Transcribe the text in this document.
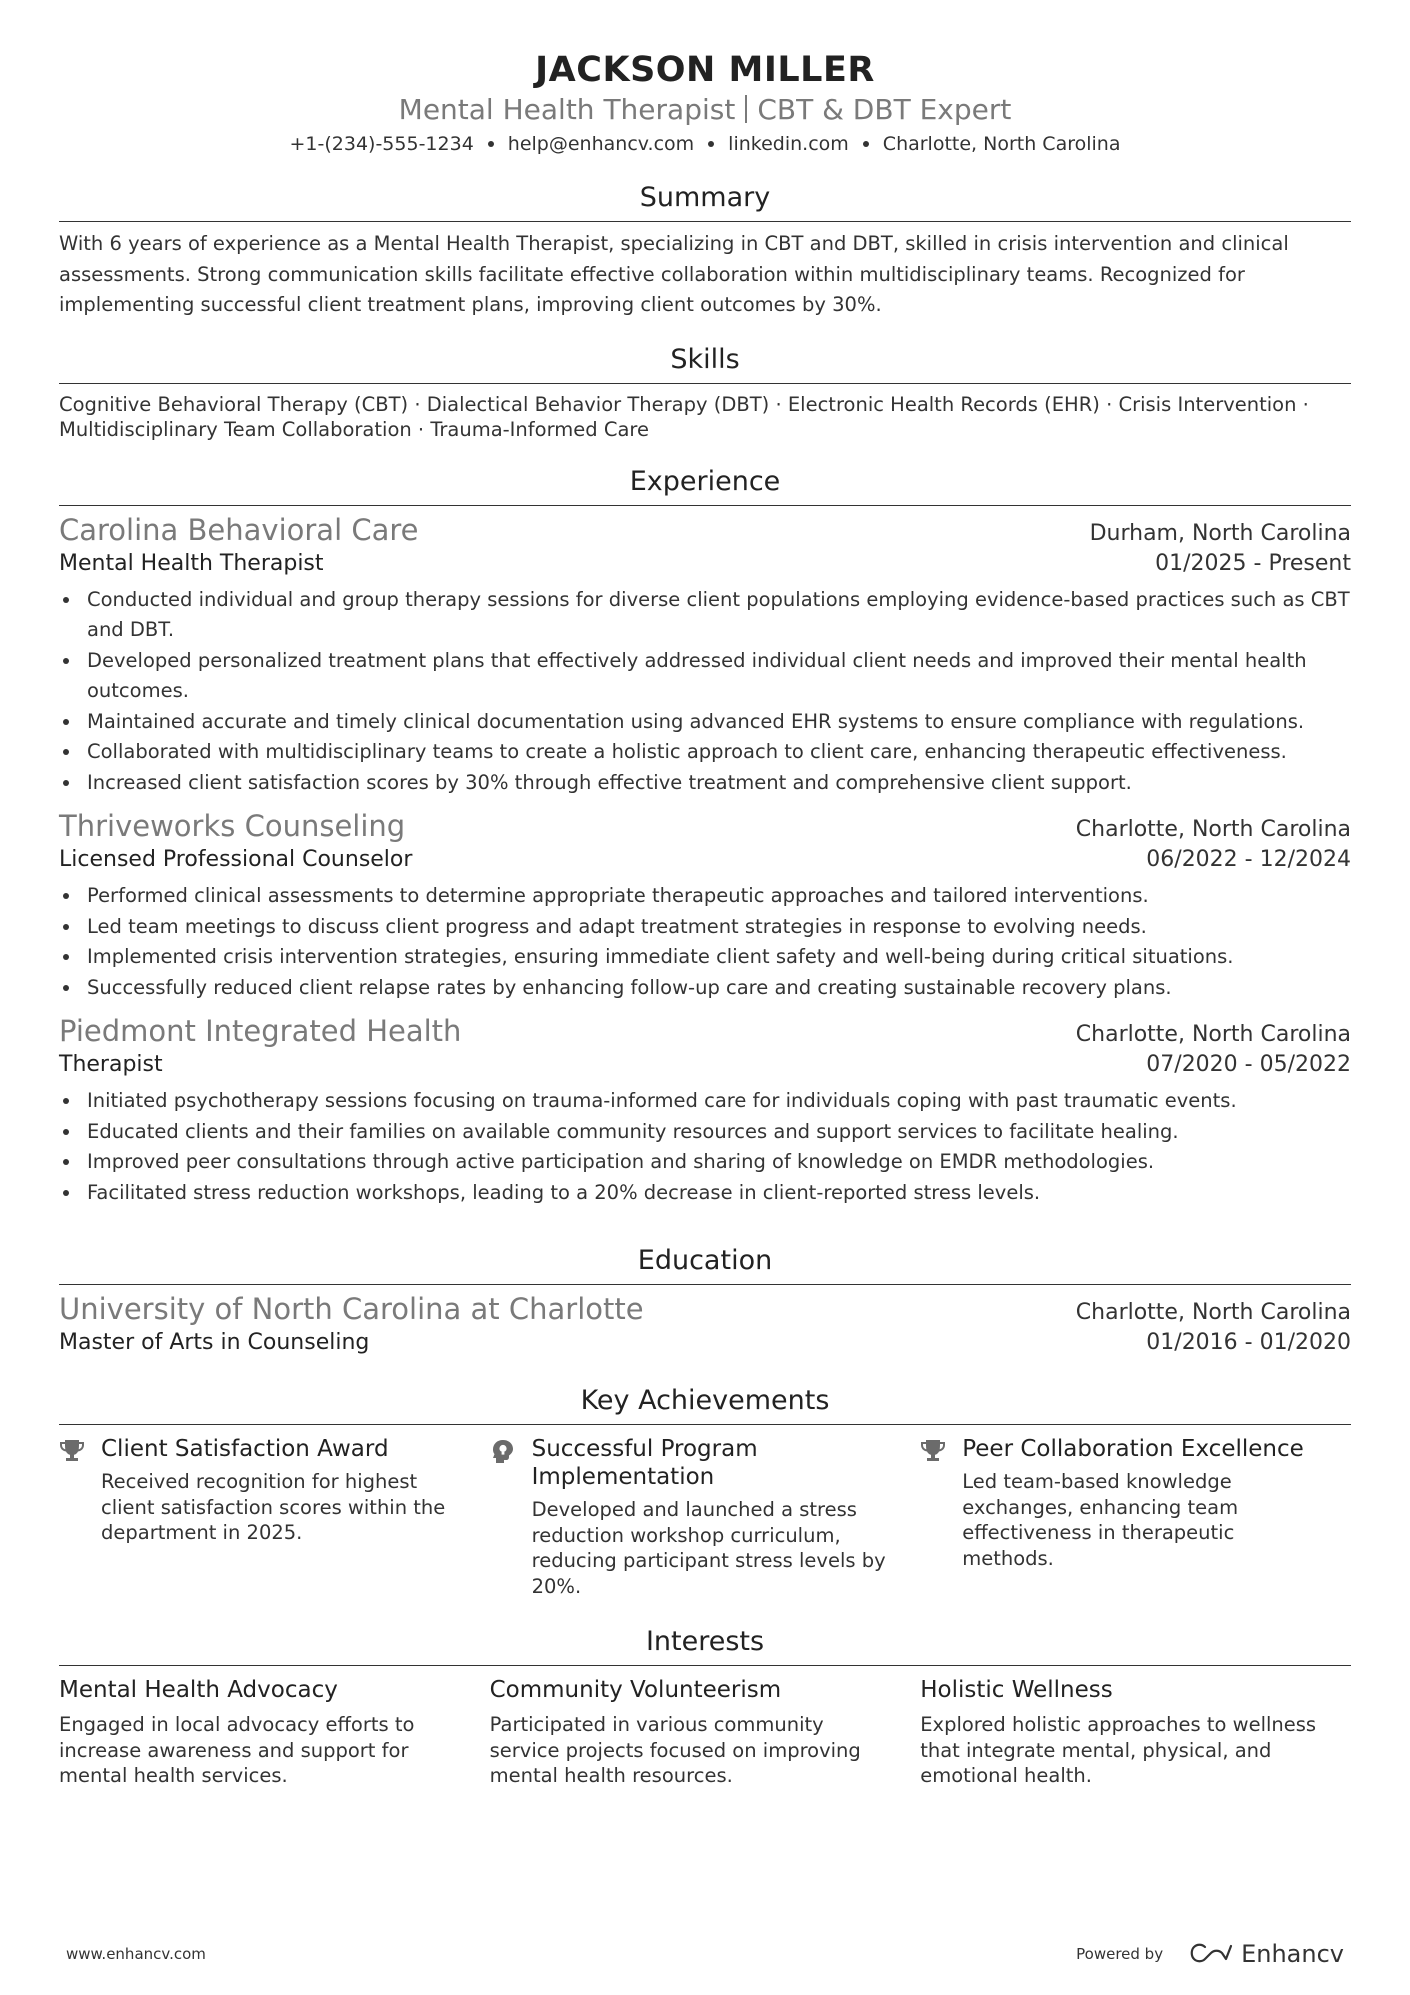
JACKSON MILLER
Mental Health Therapist CBT & DBT Expert
+1-(234)-555-1234 help@enhancv.com linkedin.com Charlotte, North Carolina
Summary
With 6 years of experience as a Mental Health Therapist, specializing in CBT and DBT, skilled in crisis intervention and clinical assessments. Strong communication skills facilitate effective collaboration within multidisciplinary teams. Recognized for implementing successful client treatment plans, improving client outcomes by 30%.
Skills
Cognitive Behavioral Therapy (CBT) · Dialectical Behavior Therapy (DBT) · Electronic Health Records (EHR) · Crisis Intervention · Multidisciplinary Team Collaboration · Trauma-Informed Care
Experience
Carolina Behavioral Care	Durham, North Carolina
Mental Health Therapist	01/2025 - Present
Conducted individual and group therapy sessions for diverse client populations employing evidence-based practices such as CBT and DBT.
Developed personalized treatment plans that effectively addressed individual client needs and improved their mental health outcomes.
Maintained accurate and timely clinical documentation using advanced EHR systems to ensure compliance with regulations.
Collaborated with multidisciplinary teams to create a holistic approach to client care, enhancing therapeutic effectiveness.
Increased client satisfaction scores by 30% through effective treatment and comprehensive client support.
Thriveworks Counseling	Charlotte, North Carolina
Licensed Professional Counselor	06/2022 - 12/2024
Performed clinical assessments to determine appropriate therapeutic approaches and tailored interventions.
Led team meetings to discuss client progress and adapt treatment strategies in response to evolving needs.
Implemented crisis intervention strategies, ensuring immediate client safety and well-being during critical situations.
Successfully reduced client relapse rates by enhancing follow-up care and creating sustainable recovery plans.
Piedmont Integrated Health	Charlotte, North Carolina
Therapist	07/2020 - 05/2022
Initiated psychotherapy sessions focusing on trauma-informed care for individuals coping with past traumatic events.
Educated clients and their families on available community resources and support services to facilitate healing.
Improved peer consultations through active participation and sharing of knowledge on EMDR methodologies.
Facilitated stress reduction workshops, leading to a 20% decrease in client-reported stress levels.
Education
University of North Carolina at Charlotte	Charlotte, North Carolina
Master of Arts in Counseling	01/2016 - 01/2020
Key Achievements
Client Satisfaction Award
Received recognition for highest client satisfaction scores within the department in 2025.
Successful Program Implementation
Developed and launched a stress reduction workshop curriculum, reducing participant stress levels by 20%.
Peer Collaboration Excellence
Led team-based knowledge exchanges, enhancing team effectiveness in therapeutic methods.
Interests
Mental Health Advocacy
Engaged in local advocacy efforts to increase awareness and support for mental health services.
Community Volunteerism
Participated in various community service projects focused on improving mental health resources.
Holistic Wellness
Explored holistic approaches to wellness that integrate mental, physical, and emotional health.
www.enhancv.com	Powered by	Enhancv
